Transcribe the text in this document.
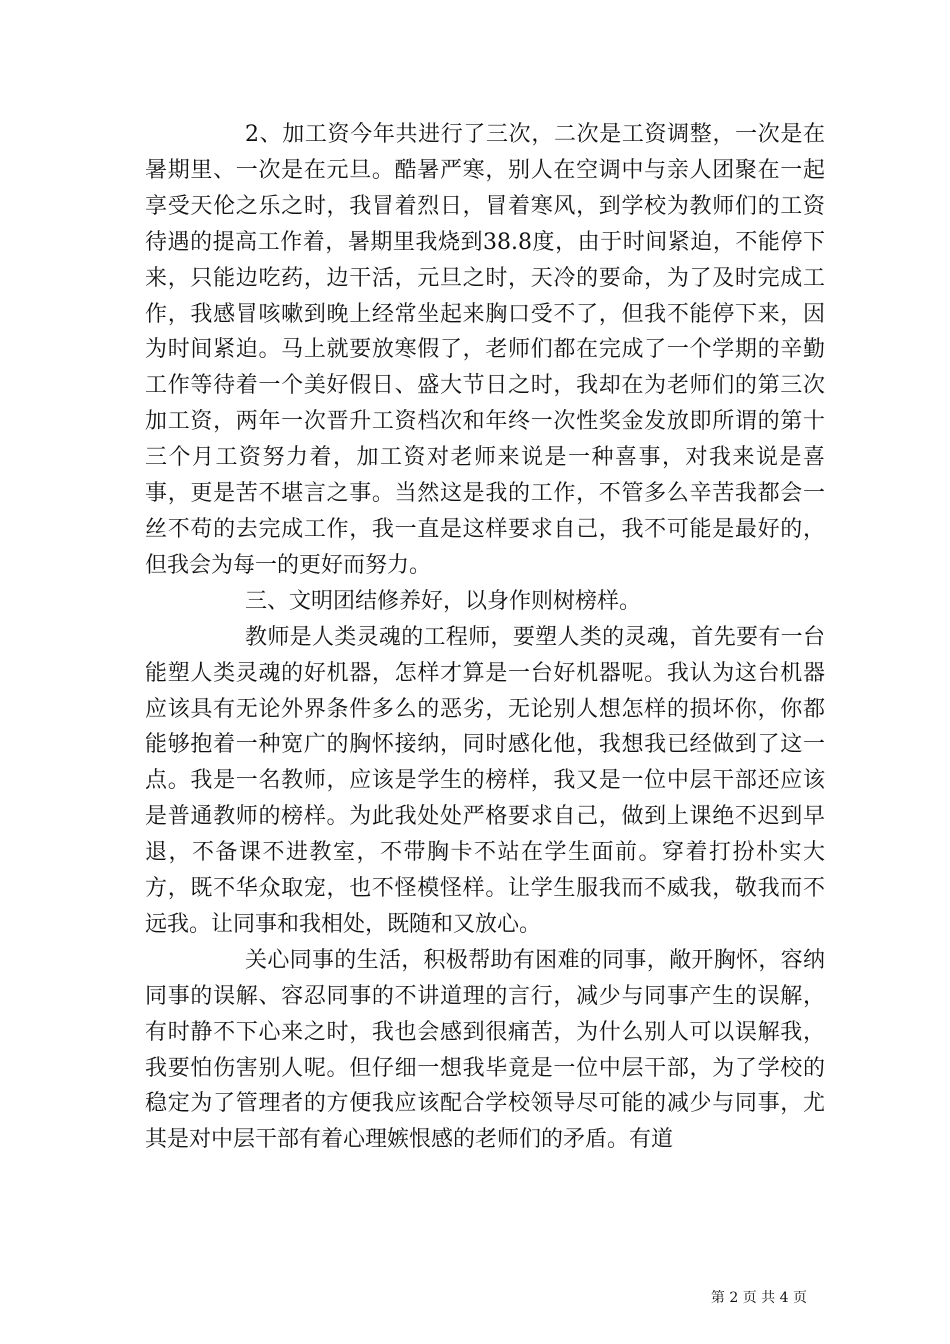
2、加工资今年共进行了三次，二次是工资调整，一次是在暑期里、一次是在元旦。酷暑严寒，别人在空调中与亲人团聚在一起享受天伦之乐之时，我冒着烈日，冒着寒风，到学校为教师们的工资待遇的提高工作着，暑期里我烧到38.8度，由于时间紧迫，不能停下来，只能边吃药，边干活，元旦之时，天冷的要命，为了及时完成工作，我感冒咳嗽到晚上经常坐起来胸口受不了，但我不能停下来，因为时间紧迫。马上就要放寒假了，老师们都在完成了一个学期的辛勤工作等待着一个美好假日、盛大节日之时，我却在为老师们的第三次加工资，两年一次晋升工资档次和年终一次性奖金发放即所谓的第十三个月工资努力着，加工资对老师来说是一种喜事，对我来说是喜事，更是苦不堪言之事。当然这是我的工作，不管多么辛苦我都会一丝不苟的去完成工作，我一直是这样要求自己，我不可能是最好的，但我会为每一的更好而努力。

三、文明团结修养好，以身作则树榜样。

教师是人类灵魂的工程师，要塑人类的灵魂，首先要有一台能塑人类灵魂的好机器，怎样才算是一台好机器呢。我认为这台机器应该具有无论外界条件多么的恶劣，无论别人想怎样的损坏你，你都能够抱着一种宽广的胸怀接纳，同时感化他，我想我已经做到了这一点。我是一名教师，应该是学生的榜样，我又是一位中层干部还应该是普通教师的榜样。为此我处处严格要求自己，做到上课绝不迟到早退，不备课不进教室，不带胸卡不站在学生面前。穿着打扮朴实大方，既不华众取宠，也不怪模怪样。让学生服我而不威我，敬我而不远我。让同事和我相处，既随和又放心。

关心同事的生活，积极帮助有困难的同事，敞开胸怀，容纳同事的误解、容忍同事的不讲道理的言行，减少与同事产生的误解，有时静不下心来之时，我也会感到很痛苦，为什么别人可以误解我，我要怕伤害别人呢。但仔细一想我毕竟是一位中层干部，为了学校的稳定为了管理者的方便我应该配合学校领导尽可能的减少与同事，尤其是对中层干部有着心理嫉恨感的老师们的矛盾。有道

第 2 页 共 4 页
